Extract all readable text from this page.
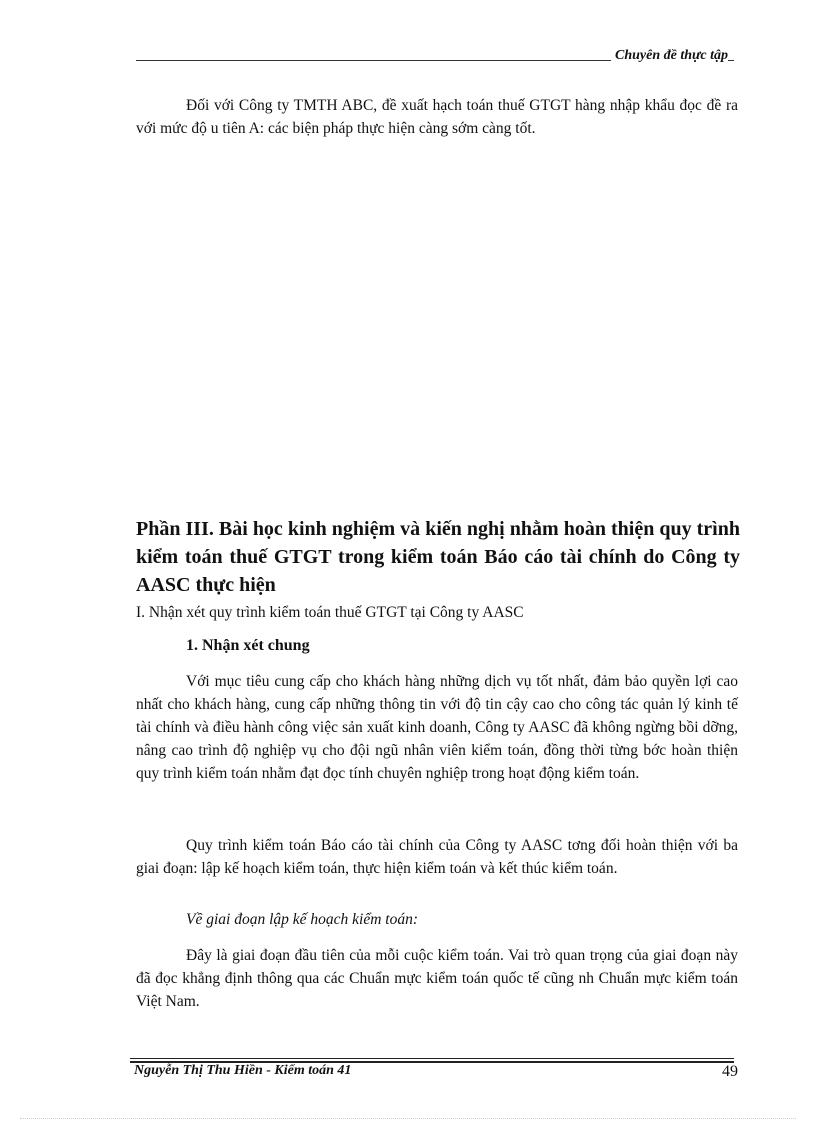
Chuyên đề thực tập

Đối với Công ty TMTH ABC, đề xuất hạch toán thuế GTGT hàng nhập khẩu đọc đề ra với mức độ u tiên A: các biện pháp thực hiện càng sớm càng tốt.

Phần III. Bài học kinh nghiệm và kiến nghị nhằm hoàn thiện quy trình kiểm toán thuế GTGT trong kiểm toán Báo cáo tài chính do Công ty AASC thực hiện

I. Nhận xét quy trình kiểm toán thuế GTGT tại Công ty AASC

1. Nhận xét chung

Với mục tiêu cung cấp cho khách hàng những dịch vụ tốt nhất, đảm bảo quyền lợi cao nhất cho khách hàng, cung cấp những thông tin với độ tin cậy cao cho công tác quản lý kinh tế tài chính và điều hành công việc sản xuất kinh doanh, Công ty AASC đã không ngừng bồi dỡng, nâng cao trình độ nghiệp vụ cho đội ngũ nhân viên kiểm toán, đồng thời từng bớc hoàn thiện quy trình kiểm toán nhằm đạt đọc tính chuyên nghiệp trong hoạt động kiểm toán.

Quy trình kiểm toán Báo cáo tài chính của Công ty AASC tơng đối hoàn thiện với ba giai đoạn: lập kế hoạch kiểm toán, thực hiện kiểm toán và kết thúc kiểm toán.

Về giai đoạn lập kế hoạch kiểm toán:

Đây là giai đoạn đầu tiên của mỗi cuộc kiểm toán. Vai trò quan trọng của giai đoạn này đã đọc khẳng định thông qua các Chuẩn mực kiểm toán quốc tế cũng nh Chuẩn mực kiểm toán Việt Nam.

Nguyễn Thị Thu Hiền - Kiểm toán 41	49
